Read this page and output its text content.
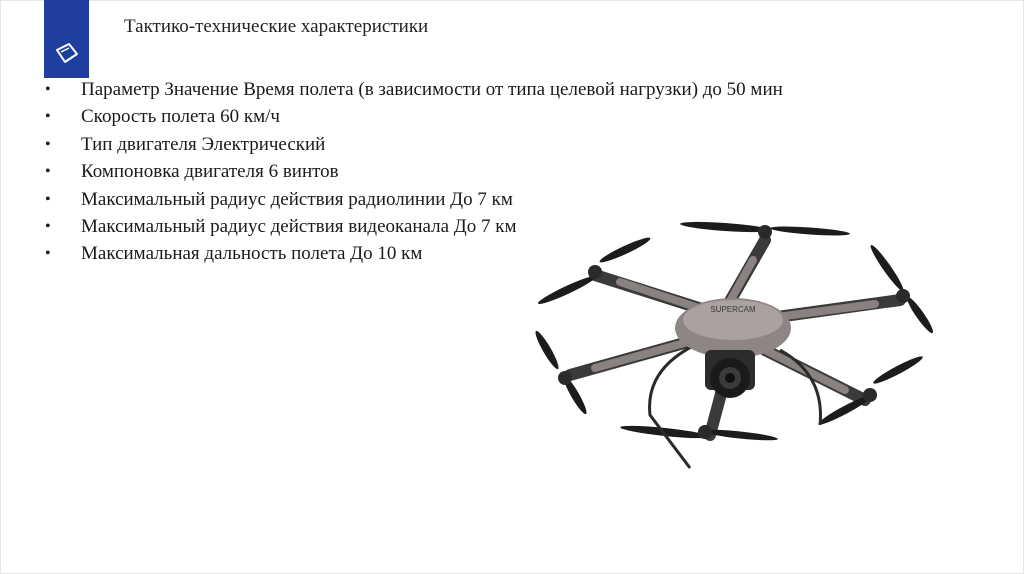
Тактико-технические характеристики
• Параметр Значение Время полета (в зависимости от типа целевой нагрузки) до 50 мин
• Скорость полета 60 км/ч
• Тип двигателя Электрический
• Компоновка двигателя 6 винтов
• Максимальный радиус действия радиолинии До 7 км
• Максимальный радиус действия видеоканала До 7 км
• Максимальная дальность полета До 10 км
SUPERCAM
